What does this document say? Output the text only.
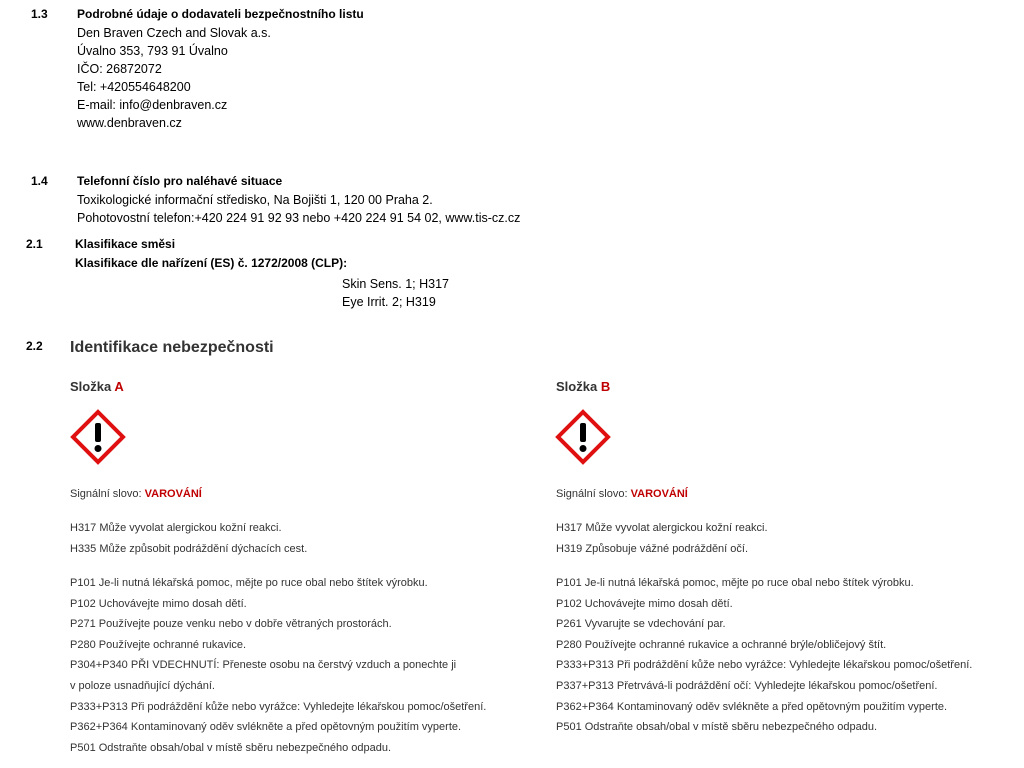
1.3 Podrobné údaje o dodavateli bezpečnostního listu
Den Braven Czech and Slovak a.s.
Úvalno 353, 793 91 Úvalno
IČO: 26872072
Tel: +420554648200
E-mail: info@denbraven.cz
www.denbraven.cz
1.4 Telefonní číslo pro naléhavé situace
Toxikologické informační středisko, Na Bojišti 1, 120 00 Praha 2.
Pohotovostní telefon:+420 224 91 92 93 nebo +420 224 91 54 02, www.tis-cz.cz
2.1	Klasifikace směsi
Klasifikace dle nařízení (ES) č. 1272/2008 (CLP):
Skin Sens. 1; H317
Eye Irrit. 2; H319
2.2 Identifikace nebezpečnosti
Složka A
Signální slovo: VAROVÁNÍ
H317 Může vyvolat alergickou kožní reakci.
H335 Může způsobit podráždění dýchacích cest.
P101 Je-li nutná lékařská pomoc, mějte po ruce obal nebo štítek výrobku.
P102 Uchovávejte mimo dosah dětí.
P271 Používejte pouze venku nebo v dobře větraných prostorách.
P280 Používejte ochranné rukavice.
P304+P340 PŘI VDECHNUTÍ: Přeneste osobu na čerstvý vzduch a ponechte ji
v poloze usnadňující dýchání.
P333+P313 Při podráždění kůže nebo vyrážce: Vyhledejte lékařskou pomoc/ošetření.
P362+P364 Kontaminovaný oděv svlékněte a před opětovným použitím vyperte.
P501 Odstraňte obsah/obal v místě sběru nebezpečného odpadu.
Složka B
Signální slovo: VAROVÁNÍ
H317 Může vyvolat alergickou kožní reakci.
H319 Způsobuje vážné podráždění očí.
P101 Je-li nutná lékařská pomoc, mějte po ruce obal nebo štítek výrobku.
P102 Uchovávejte mimo dosah dětí.
P261 Vyvarujte se vdechování par.
P280 Používejte ochranné rukavice a ochranné brýle/obličejový štít.
P333+P313 Při podráždění kůže nebo vyrážce: Vyhledejte lékařskou pomoc/ošetření.
P337+P313 Přetrvává-li podráždění očí: Vyhledejte lékařskou pomoc/ošetření.
P362+P364 Kontaminovaný oděv svlékněte a před opětovným použitím vyperte.
P501 Odstraňte obsah/obal v místě sběru nebezpečného odpadu.
